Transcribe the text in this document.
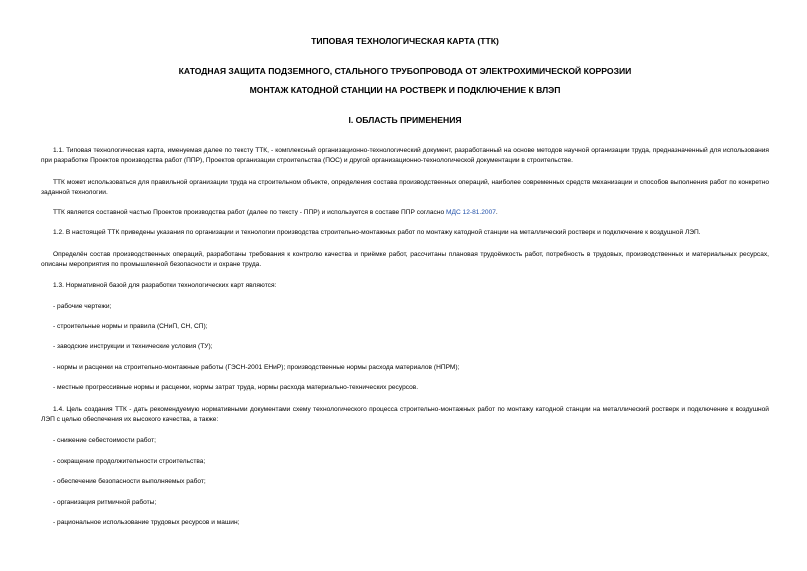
ТИПОВАЯ ТЕХНОЛОГИЧЕСКАЯ КАРТА (ТТК)
КАТОДНАЯ ЗАЩИТА ПОДЗЕМНОГО, СТАЛЬНОГО ТРУБОПРОВОДА ОТ ЭЛЕКТРОХИМИЧЕСКОЙ КОРРОЗИИ
МОНТАЖ КАТОДНОЙ СТАНЦИИ НА РОСТВЕРК И ПОДКЛЮЧЕНИЕ К ВЛЭП
I. ОБЛАСТЬ ПРИМЕНЕНИЯ
1.1. Типовая технологическая карта, именуемая далее по тексту ТТК, - комплексный организационно-технологический документ, разработанный на основе методов научной организации труда, предназначенный для использования при разработке Проектов производства работ (ППР), Проектов организации строительства (ПОС) и другой организационно-технологической документации в строительстве.
ТТК может использоваться для правильной организации труда на строительном объекте, определения состава производственных операций, наиболее современных средств механизации и способов выполнения работ по конкретно заданной технологии.
ТТК является составной частью Проектов производства работ (далее по тексту - ППР) и используется в составе ППР согласно МДС 12-81.2007.
1.2. В настоящей ТТК приведены указания по организации и технологии производства строительно-монтажных работ по монтажу катодной станции на металлический ростверк и подключение к воздушной ЛЭП.
Определён состав производственных операций, разработаны требования к контролю качества и приёмке работ, рассчитаны плановая трудоёмкость работ, потребность в трудовых, производственных и материальных ресурсах, описаны мероприятия по промышленной безопасности и охране труда.
1.3. Нормативной базой для разработки технологических карт являются:
- рабочие чертежи;
- строительные нормы и правила (СНиП, СН, СП);
- заводские инструкции и технические условия (ТУ);
- нормы и расценки на строительно-монтажные работы (ГЭСН-2001 ЕНиР); производственные нормы расхода материалов (НПРМ);
- местные прогрессивные нормы и расценки, нормы затрат труда, нормы расхода материально-технических ресурсов.
1.4. Цель создания ТТК - дать рекомендуемую нормативными документами схему технологического процесса строительно-монтажных работ по монтажу катодной станции на металлический ростверк и подключение к воздушной ЛЭП с целью обеспечения их высокого качества, а также:
- снижение себестоимости работ;
- сокращение продолжительности строительства;
- обеспечение безопасности выполняемых работ;
- организация ритмичной работы;
- рациональное использование трудовых ресурсов и машин;
